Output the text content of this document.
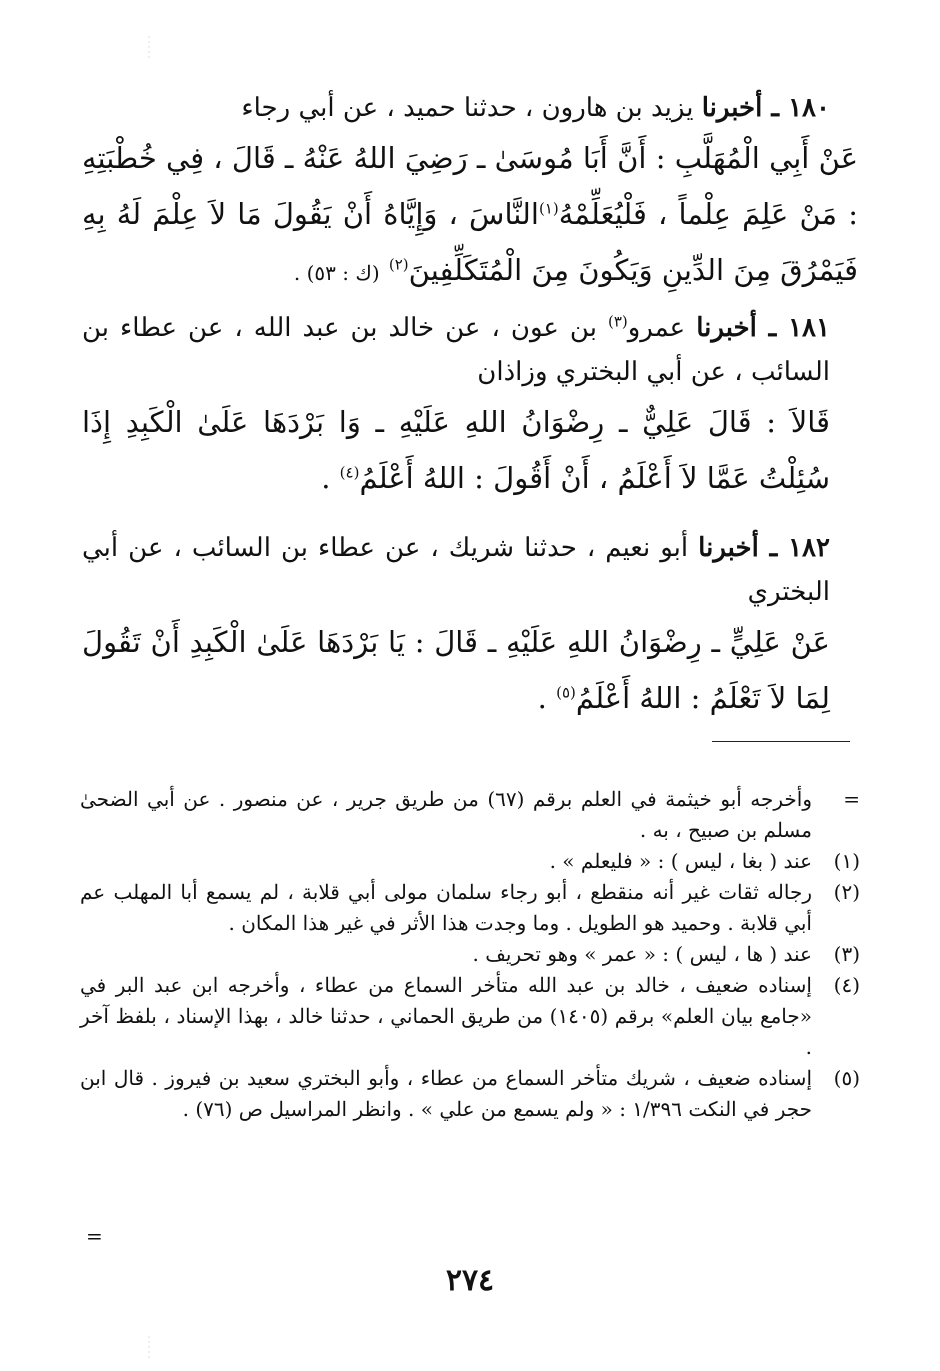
١٨٠ ـ أخبرنا يزيد بن هارون ، حدثنا حميد ، عن أبي رجاء

عَنْ أَبِي الْمُهَلَّبِ : أَنَّ أَبَا مُوسَىٰ ـ رَضِيَ اللهُ عَنْهُ ـ قَالَ ، فِي خُطْبَتِهِ : مَنْ عَلِمَ عِلْماً ، فَلْيُعَلِّمْهُ$^{(١)}$النَّاسَ ، وَإِيَّاهُ أَنْ يَقُولَ مَا لاَ عِلْمَ لَهُ بِهِ فَيَمْرُقَ مِنَ الدِّينِ وَيَكُونَ مِنَ الْمُتَكَلِّفِينَ$^{(٢)}$ (ك : ٥٣) .

١٨١ ـ أخبرنا عمرو$^{(٣)}$ بن عون ، عن خالد بن عبد الله ، عن عطاء بن السائب ، عن أبي البختري وزاذان

قَالاَ : قَالَ عَلِيٌّ ـ رِضْوَانُ اللهِ عَلَيْهِ ـ وَا بَرْدَهَا عَلَىٰ الْكَبِدِ إِذَا سُئِلْتُ عَمَّا لاَ أَعْلَمُ ، أَنْ أَقُولَ : اللهُ أَعْلَمُ$^{(٤)}$ .

١٨٢ ـ أخبرنا أبو نعيم ، حدثنا شريك ، عن عطاء بن السائب ، عن أبي البختري

عَنْ عَلِيٍّ ـ رِضْوَانُ اللهِ عَلَيْهِ ـ قَالَ : يَا بَرْدَهَا عَلَىٰ الْكَبِدِ أَنْ تَقُولَ لِمَا لاَ تَعْلَمُ : اللهُ أَعْلَمُ$^{(٥)}$ .

=
وأخرجه أبو خيثمة في العلم برقم (٦٧) من طريق جرير ، عن منصور . عن أبي الضحىٰ مسلم بن صبيح ، به .
(١)
عند ( بغا ، ليس ) : « فليعلم » .
(٢)
رجاله ثقات غير أنه منقطع ، أبو رجاء سلمان مولى أبي قلابة ، لم يسمع أبا المهلب عم أبي قلابة . وحميد هو الطويل . وما وجدت هذا الأثر في غير هذا المكان .
(٣)
عند ( ها ، ليس ) : « عمر » وهو تحريف .
(٤)
إسناده ضعيف ، خالد بن عبد الله متأخر السماع من عطاء ، وأخرجه ابن عبد البر في «جامع بيان العلم» برقم (١٤٠٥) من طريق الحماني ، حدثنا خالد ، بهذا الإسناد ، بلفظ آخر .
(٥)
إسناده ضعيف ، شريك متأخر السماع من عطاء ، وأبو البختري سعيد بن فيروز . قال ابن حجر في النكت ١/٣٩٦ : « ولم يسمع من علي » . وانظر المراسيل ص (٧٦) .
=
٢٧٤
